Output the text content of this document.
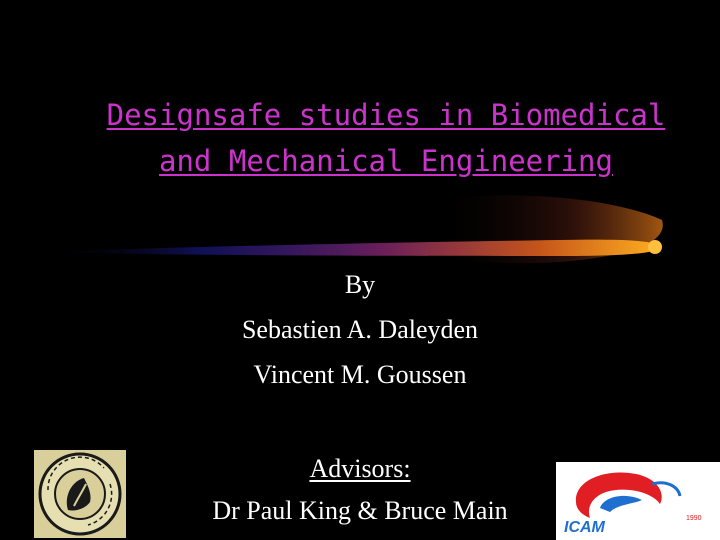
Designsafe studies in Biomedical
and Mechanical Engineering
By
Sebastien A. Daleyden
Vincent M. Goussen
Advisors:
Dr Paul King & Bruce Main
ICAM
1990
